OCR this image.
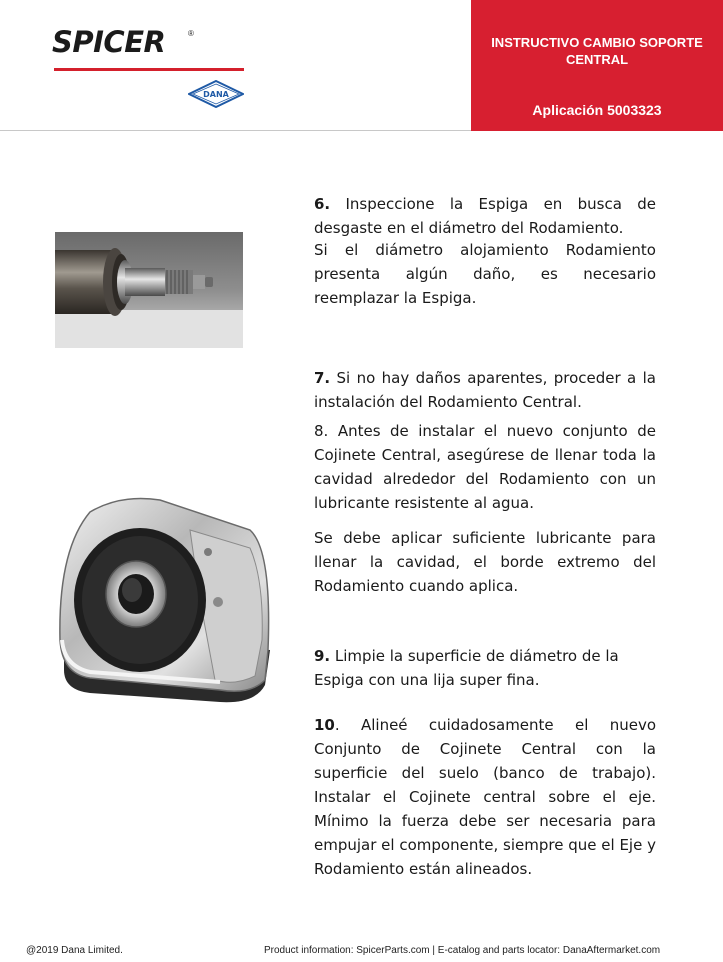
SPICER	®
DANA
INSTRUCTIVO CAMBIO SOPORTE CENTRAL
Aplicación 5003323
6. Inspeccione la Espiga en busca de desgaste en el diámetro del Rodamiento.
Si el diámetro alojamiento Rodamiento presenta algún daño, es necesario reemplazar la Espiga.
7. Si no hay daños aparentes, proceder a la instalación del Rodamiento Central.
8. Antes de instalar el nuevo conjunto de Cojinete Central, asegúrese de llenar toda la cavidad alrededor del Rodamiento con un lubricante resistente al agua.
Se debe aplicar suficiente lubricante para llenar la cavidad, el borde extremo del Rodamiento cuando aplica.
9. Limpie la superficie de diámetro de la Espiga con una lija super fina.
10. Alineé cuidadosamente el nuevo Conjunto de Cojinete Central con la superficie del suelo (banco de trabajo). Instalar el Cojinete central sobre el eje. Mínimo la fuerza debe ser necesaria para empujar el componente, siempre que el Eje y Rodamiento están alineados.
@2019 Dana Limited.	Product information: SpicerParts.com | E-catalog and parts locator: DanaAftermarket.com
